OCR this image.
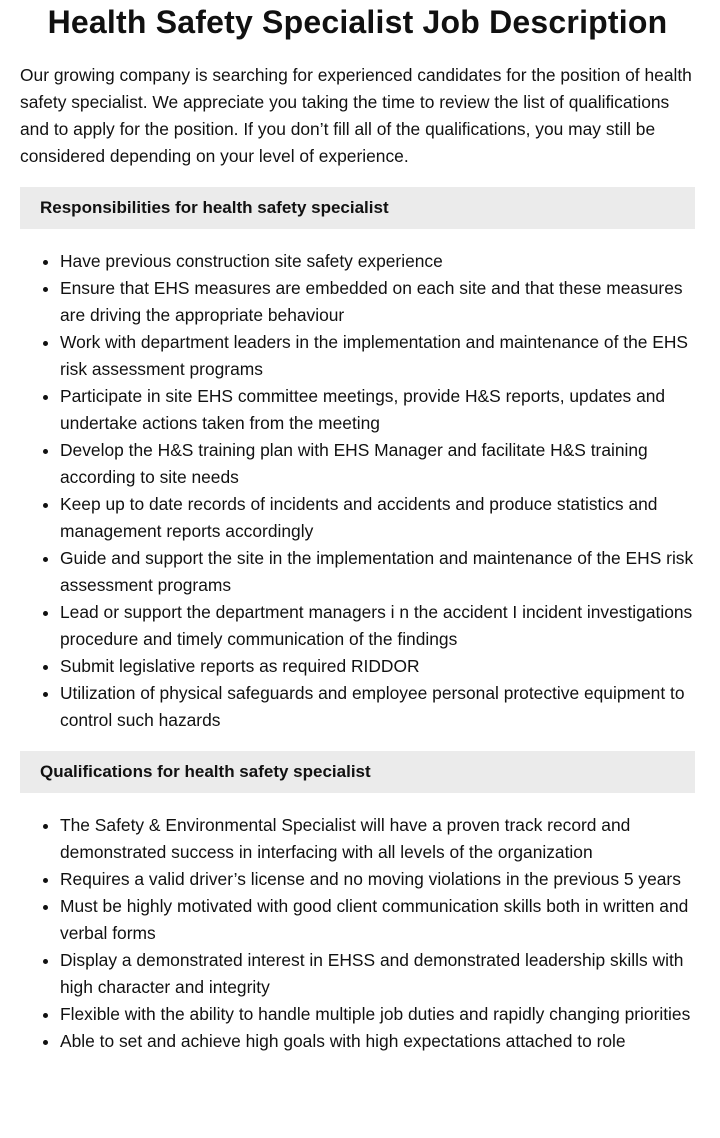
Health Safety Specialist Job Description

Our growing company is searching for experienced candidates for the position of health safety specialist. We appreciate you taking the time to review the list of qualifications and to apply for the position. If you don’t fill all of the qualifications, you may still be considered depending on your level of experience.

Responsibilities for health safety specialist
• Have previous construction site safety experience
• Ensure that EHS measures are embedded on each site and that these measures are driving the appropriate behaviour
• Work with department leaders in the implementation and maintenance of the EHS risk assessment programs
• Participate in site EHS committee meetings, provide H&S reports, updates and undertake actions taken from the meeting
• Develop the H&S training plan with EHS Manager and facilitate H&S training according to site needs
• Keep up to date records of incidents and accidents and produce statistics and management reports accordingly
• Guide and support the site in the implementation and maintenance of the EHS risk assessment programs
• Lead or support the department managers i n the accident I incident investigations procedure and timely communication of the findings
• Submit legislative reports as required RIDDOR
• Utilization of physical safeguards and employee personal protective equipment to control such hazards
Qualifications for health safety specialist
• The Safety & Environmental Specialist will have a proven track record and demonstrated success in interfacing with all levels of the organization
• Requires a valid driver’s license and no moving violations in the previous 5 years
• Must be highly motivated with good client communication skills both in written and verbal forms
• Display a demonstrated interest in EHSS and demonstrated leadership skills with high character and integrity
• Flexible with the ability to handle multiple job duties and rapidly changing priorities
• Able to set and achieve high goals with high expectations attached to role
